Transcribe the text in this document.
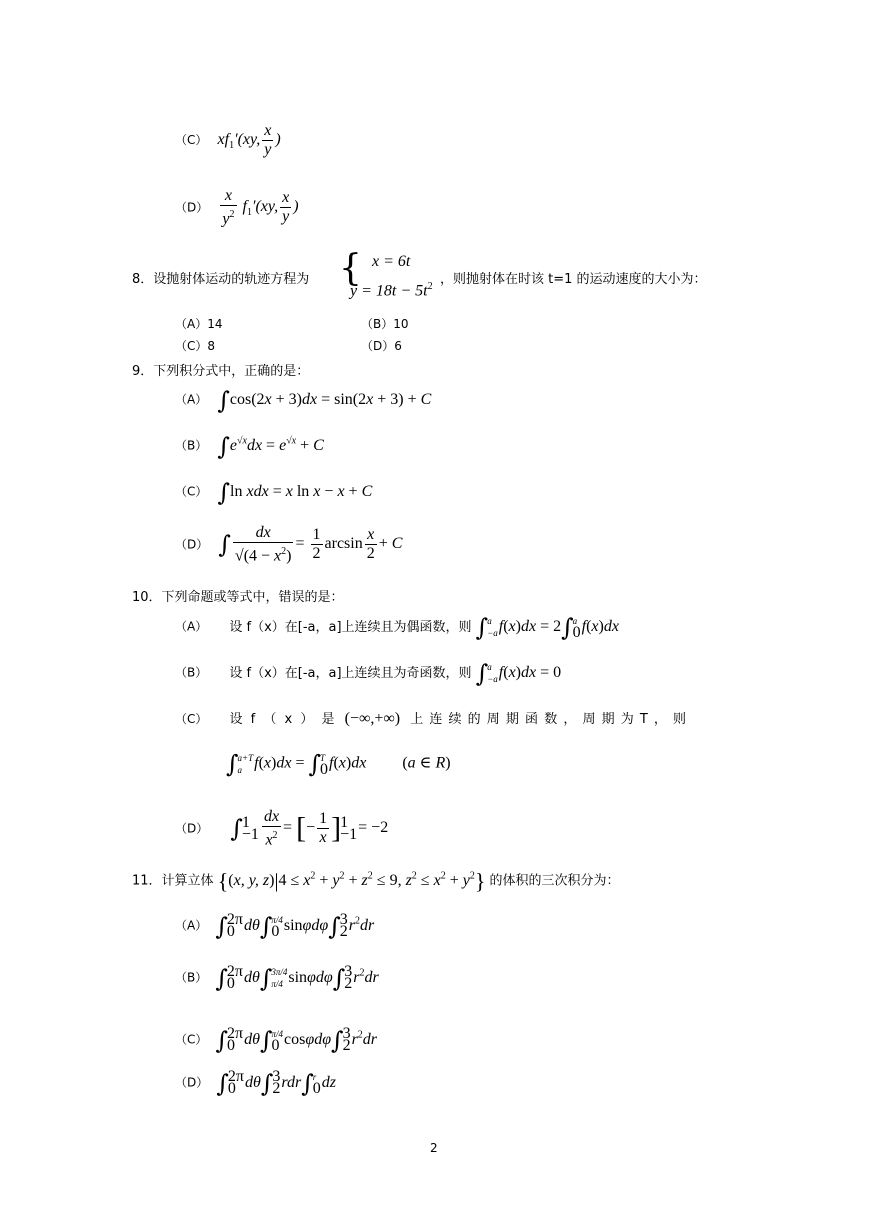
（C） $xf_1'(xy$, $\frac{x}{y}$ )
$(D) \frac{x}{y^2} f_1'(xy$, $\frac{x}{y}$ )
8．设抛射体运动的轨迹方程为 { x = 6t
$y = 18t - 5t^2$ ，则抛射体在时该 t=1 的运动速度的大小为：
（A）14	（B）10
（C）8	（D）6
9．下列积分式中，正确的是：
（A） ∫cos(2x + 3)dx = sin(2x + 3) + C
（B） $\int e^{√x}dx = e^{√x} + C$
（C） ∫ln xdx = x ln x − x + C
（D） ∫ $\frac{dx}{√(4 - x^2)} = \frac{1}{2}$ $\arcsin \frac{x}{2} + C$
10．下列命题或等式中，错误的是：
（A） 设 f（x）在[-a，a]上连续且为偶函数，则 ∫ a
−a f(x)dx = 2∫ a
0 f(x)dx
（B） 设 f（x）在[-a，a]上连续且为奇函数，则 ∫ a
−a f(x)dx = 0
（C） 设 f （ x ） 是 (−∞,+∞) 上 连 续 的 周 期 函 数 ， 周 期 为 T ， 则
∫ a+T
a f(x)dx = ∫ T
0 f(x)dx (a ∈ R)
（D） ∫ 1
$-1 \frac{dx}{x^2}$ = [− $\frac{1}{x}$ ] 1
−1 = −2
11．计算立体 {(x, y, $z)|4 \le x^2 + y^2 + z^2 \le 9$, $z^2 \le x^2 + y^2$} 的体积的三次积分为：
（A） ∫ 2π
0 dθ∫ π/4
0 sinφdφ∫ 3
2 $r^2dr$
（B） ∫ 2π
0 dθ∫ 3π/4
π/4 sinφdφ∫ 3
2 $r^2dr$
（C） ∫ 2π
0 dθ∫ π/4
0 cosφdφ∫ 3
2 $r^2dr$
（D） ∫ 2π
0 dθ∫ 3
2 rdr∫ r
0 dz
2
